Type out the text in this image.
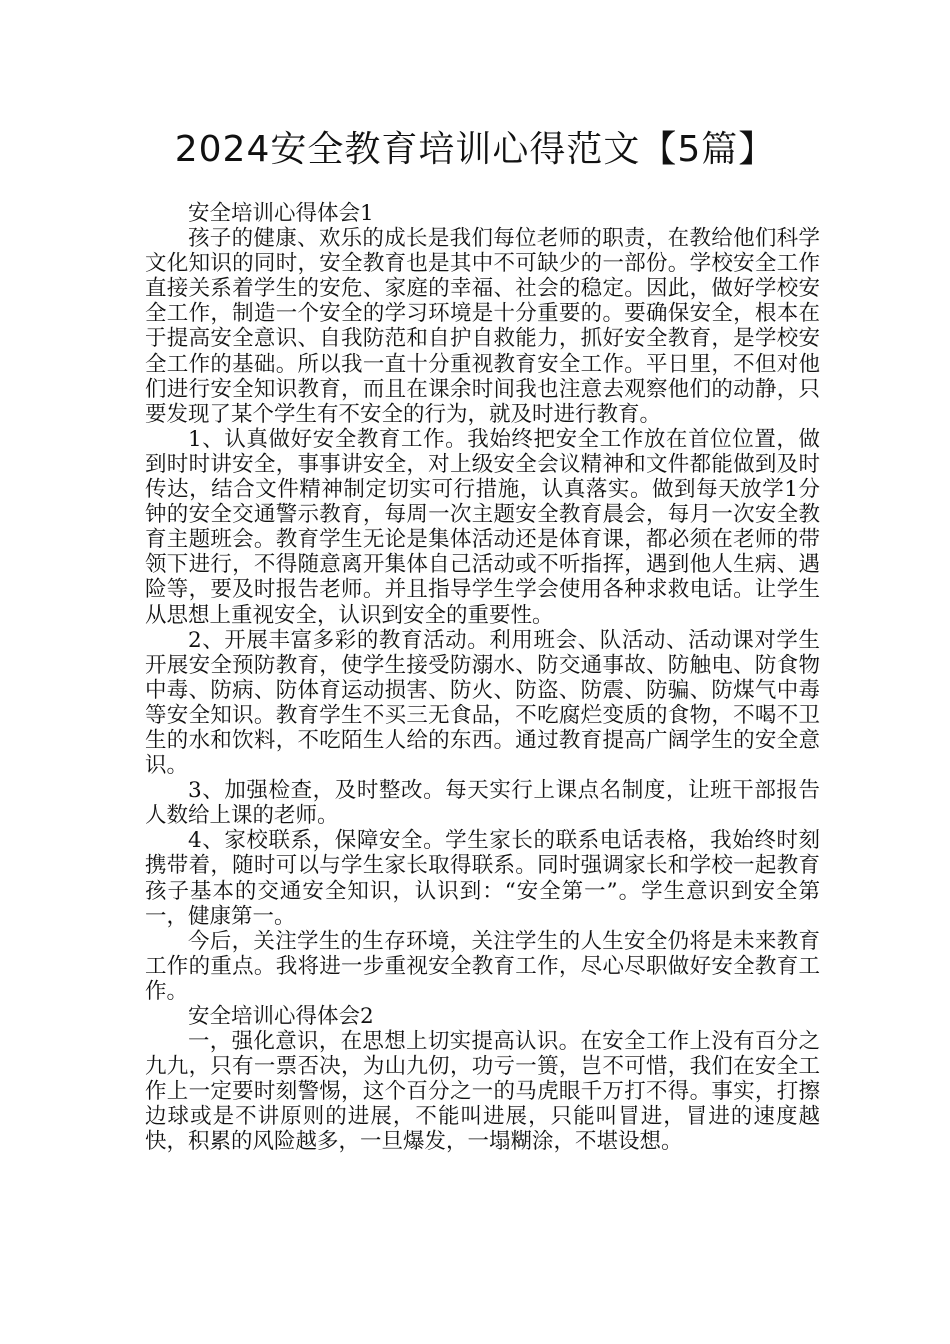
2024安全教育培训心得范文【5篇】

安全培训心得体会1

孩子的健康、欢乐的成长是我们每位老师的职责，在教给他们科学文化知识的同时，安全教育也是其中不可缺少的一部份。学校安全工作直接关系着学生的安危、家庭的幸福、社会的稳定。因此，做好学校安全工作，制造一个安全的学习环境是十分重要的。要确保安全，根本在于提高安全意识、自我防范和自护自救能力，抓好安全教育，是学校安全工作的基础。所以我一直十分重视教育安全工作。平日里，不但对他们进行安全知识教育，而且在课余时间我也注意去观察他们的动静，只要发现了某个学生有不安全的行为，就及时进行教育。

1、认真做好安全教育工作。我始终把安全工作放在首位位置，做到时时讲安全，事事讲安全，对上级安全会议精神和文件都能做到及时传达，结合文件精神制定切实可行措施，认真落实。做到每天放学1分钟的安全交通警示教育，每周一次主题安全教育晨会，每月一次安全教育主题班会。教育学生无论是集体活动还是体育课，都必须在老师的带领下进行，不得随意离开集体自己活动或不听指挥，遇到他人生病、遇险等，要及时报告老师。并且指导学生学会使用各种求救电话。让学生从思想上重视安全，认识到安全的重要性。

2、开展丰富多彩的教育活动。利用班会、队活动、活动课对学生开展安全预防教育，使学生接受防溺水、防交通事故、防触电、防食物中毒、防病、防体育运动损害、防火、防盗、防震、防骗、防煤气中毒等安全知识。教育学生不买三无食品，不吃腐烂变质的食物，不喝不卫生的水和饮料，不吃陌生人给的东西。通过教育提高广阔学生的安全意识。

3、加强检查，及时整改。每天实行上课点名制度，让班干部报告人数给上课的老师。

4、家校联系，保障安全。学生家长的联系电话表格，我始终时刻携带着，随时可以与学生家长取得联系。同时强调家长和学校一起教育孩子基本的交通安全知识，认识到：“安全第一”。学生意识到安全第一，健康第一。

今后，关注学生的生存环境，关注学生的人生安全仍将是未来教育工作的重点。我将进一步重视安全教育工作，尽心尽职做好安全教育工作。

安全培训心得体会2

一，强化意识，在思想上切实提高认识。在安全工作上没有百分之九九，只有一票否决，为山九仞，功亏一篑，岂不可惜，我们在安全工作上一定要时刻警惕，这个百分之一的马虎眼千万打不得。事实，打擦边球或是不讲原则的进展，不能叫进展，只能叫冒进，冒进的速度越快，积累的风险越多，一旦爆发，一塌糊涂，不堪设想。
